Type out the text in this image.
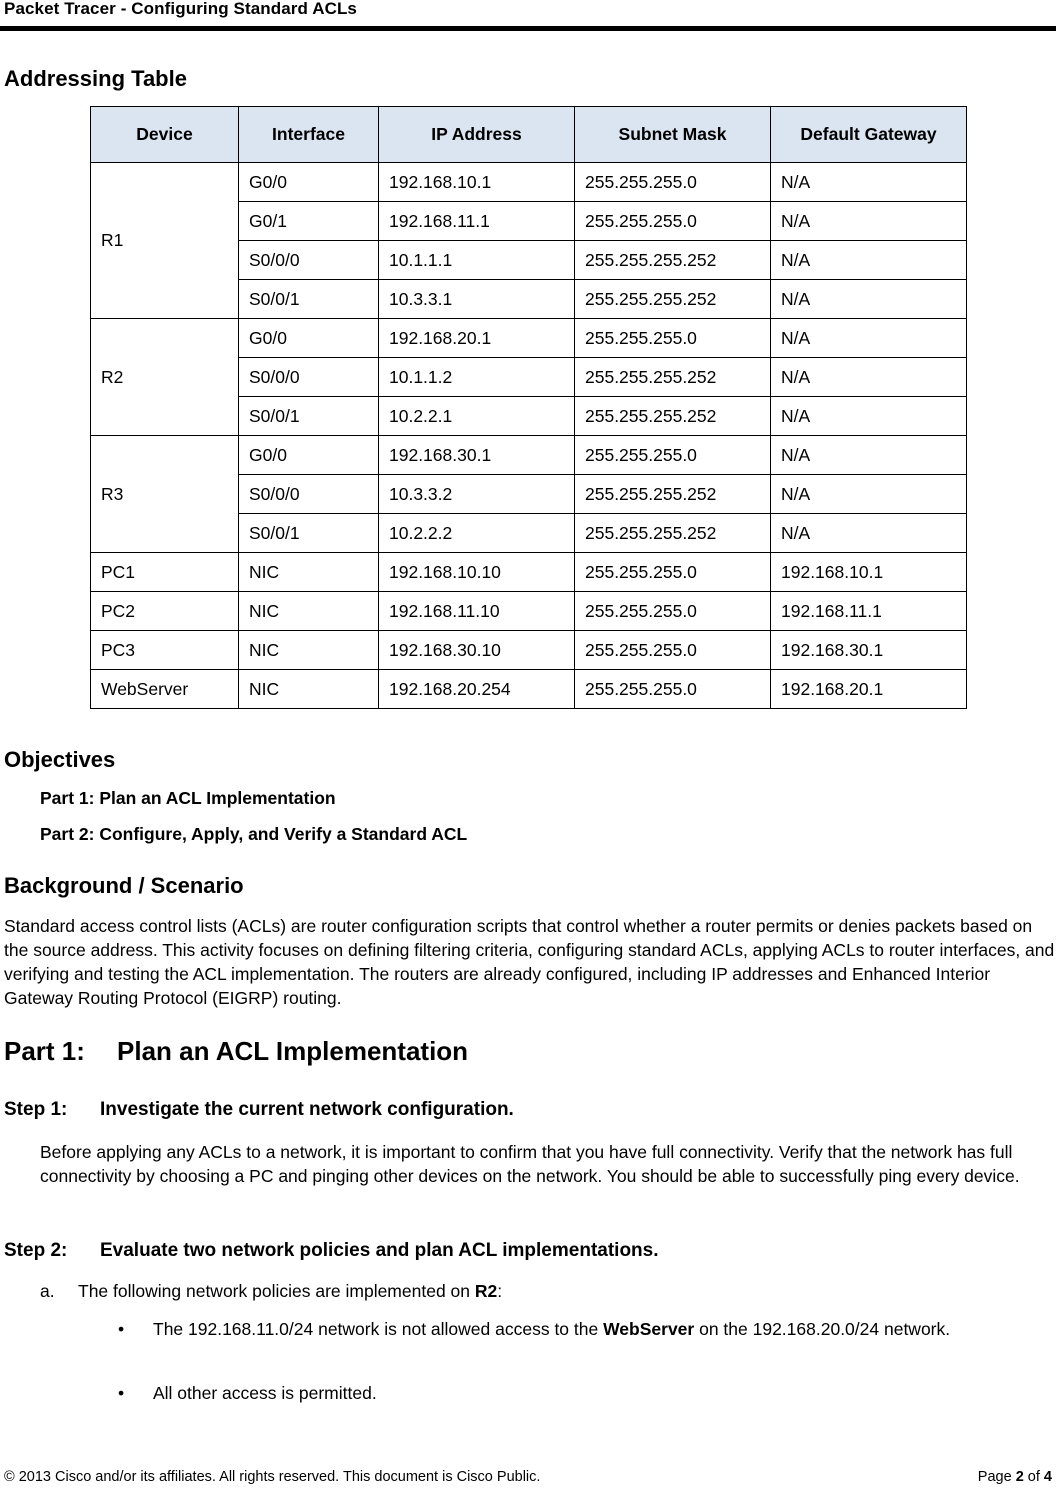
Packet Tracer - Configuring Standard ACLs
Addressing Table
Device	Interface	IP Address	Subnet Mask	Default Gateway
R1	G0/0	192.168.10.1	255.255.255.0	N/A
	G0/1	192.168.11.1	255.255.255.0	N/A
	S0/0/0	10.1.1.1	255.255.255.252	N/A
	S0/0/1	10.3.3.1	255.255.255.252	N/A
R2	G0/0	192.168.20.1	255.255.255.0	N/A
	S0/0/0	10.1.1.2	255.255.255.252	N/A
	S0/0/1	10.2.2.1	255.255.255.252	N/A
R3	G0/0	192.168.30.1	255.255.255.0	N/A
	S0/0/0	10.3.3.2	255.255.255.252	N/A
	S0/0/1	10.2.2.2	255.255.255.252	N/A
PC1	NIC	192.168.10.10	255.255.255.0	192.168.10.1
PC2	NIC	192.168.11.10	255.255.255.0	192.168.11.1
PC3	NIC	192.168.30.10	255.255.255.0	192.168.30.1
WebServer	NIC	192.168.20.254	255.255.255.0	192.168.20.1
Objectives
Part 1: Plan an ACL Implementation
Part 2: Configure, Apply, and Verify a Standard ACL
Background / Scenario
Standard access control lists (ACLs) are router configuration scripts that control whether a router permits or denies packets based on the source address. This activity focuses on defining filtering criteria, configuring standard ACLs, applying ACLs to router interfaces, and verifying and testing the ACL implementation. The routers are already configured, including IP addresses and Enhanced Interior Gateway Routing Protocol (EIGRP) routing.
Part 1: Plan an ACL Implementation
Step 1: Investigate the current network configuration.
Before applying any ACLs to a network, it is important to confirm that you have full connectivity. Verify that the network has full connectivity by choosing a PC and pinging other devices on the network. You should be able to successfully ping every device.
Step 2: Evaluate two network policies and plan ACL implementations.
a. The following network policies are implemented on R2:
• The 192.168.11.0/24 network is not allowed access to the WebServer on the 192.168.20.0/24 network.
• All other access is permitted.
© 2013 Cisco and/or its affiliates. All rights reserved. This document is Cisco Public.	Page 2 of 4
